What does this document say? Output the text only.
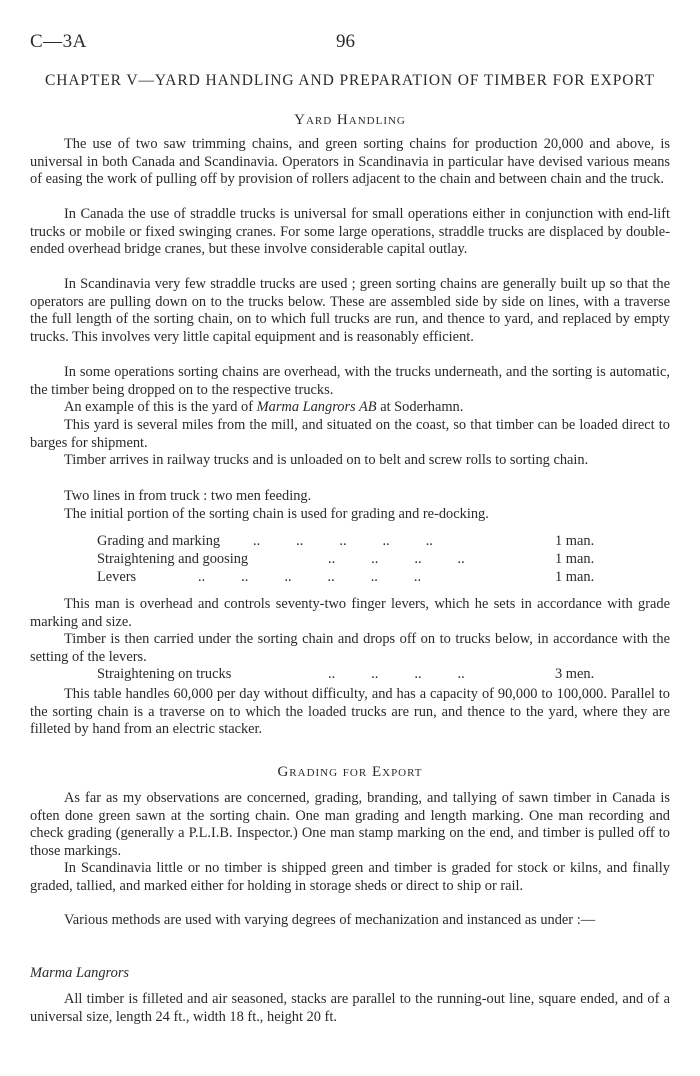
C—3A	96
CHAPTER V—YARD HANDLING AND PREPARATION OF TIMBER FOR EXPORT
Yard Handling

The use of two saw trimming chains, and green sorting chains for production 20,000 and above, is universal in both Canada and Scandinavia. Operators in Scandinavia in particular have devised various means of easing the work of pulling off by provision of rollers adjacent to the chain and between chain and the truck.

In Canada the use of straddle trucks is universal for small operations either in conjunction with end-lift trucks or mobile or fixed swinging cranes. For some large operations, straddle trucks are displaced by double-ended overhead bridge cranes, but these involve considerable capital outlay.

In Scandinavia very few straddle trucks are used ; green sorting chains are generally built up so that the operators are pulling down on to the trucks below. These are assembled side by side on lines, with a traverse the full length of the sorting chain, on to which full trucks are run, and thence to yard, and replaced by empty trucks. This involves very little capital equipment and is reasonably efficient.

In some operations sorting chains are overhead, with the trucks underneath, and the sorting is automatic, the timber being dropped on to the respective trucks.

An example of this is the yard of Marma Langrors AB at Soderhamn.

This yard is several miles from the mill, and situated on the coast, so that timber can be loaded direct to barges for shipment.

Timber arrives in railway trucks and is unloaded on to belt and screw rolls to sorting chain.

Two lines in from truck : two men feeding.

The initial portion of the sorting chain is used for grading and re-docking.

..          ..          ..          ..          ..
Grading and marking	1 man.
..          ..          ..          ..
Straightening and goosing	1 man.
..          ..          ..          ..          ..          ..
Levers	1 man.

This man is overhead and controls seventy-two finger levers, which he sets in accordance with grade marking and size.

Timber is then carried under the sorting chain and drops off on to trucks below, in accordance with the setting of the levers.

..          ..          ..          ..
Straightening on trucks	3 men.

This table handles 60,000 per day without difficulty, and has a capacity of 90,000 to 100,000. Parallel to the sorting chain is a traverse on to which the loaded trucks are run, and thence to the yard, where they are filleted by hand from an electric stacker.

Grading for Export

As far as my observations are concerned, grading, branding, and tallying of sawn timber in Canada is often done green sawn at the sorting chain. One man grading and length marking. One man recording and check grading (generally a P.L.I.B. Inspector.) One man stamp marking on the end, and timber is pulled off to those markings.

In Scandinavia little or no timber is shipped green and timber is graded for stock or kilns, and finally graded, tallied, and marked either for holding in storage sheds or direct to ship or rail.

Various methods are used with varying degrees of mechanization and instanced as under :—

Marma Langrors

All timber is filleted and air seasoned, stacks are parallel to the running-out line, square ended, and of a universal size, length 24 ft., width 18 ft., height 20 ft.
